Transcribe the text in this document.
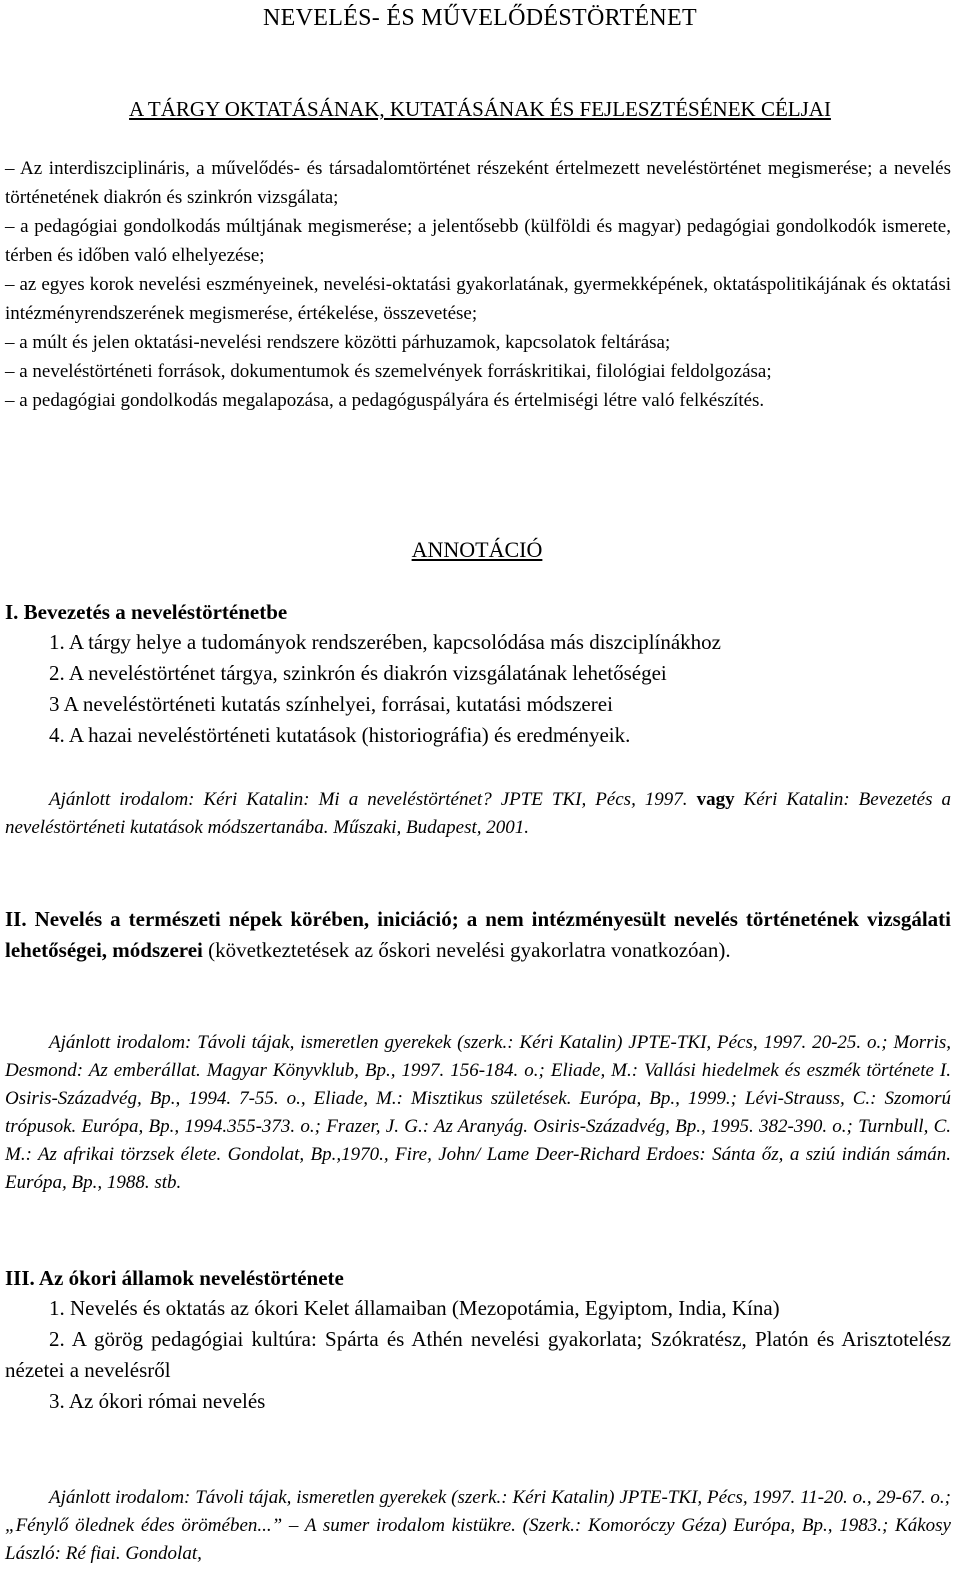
NEVELÉS- ÉS MŰVELŐDÉSTÖRTÉNET
A TÁRGY OKTATÁSÁNAK, KUTATÁSÁNAK ÉS FEJLESZTÉSÉNEK CÉLJAI

– Az interdiszciplináris, a művelődés- és társadalomtörténet részeként értelmezett neveléstörténet megismerése; a nevelés történetének diakrón és szinkrón vizsgálata;

– a pedagógiai gondolkodás múltjának megismerése; a jelentősebb (külföldi és magyar) pedagógiai gondolkodók ismerete, térben és időben való elhelyezése;

– az egyes korok nevelési eszményeinek, nevelési-oktatási gyakorlatának, gyermekképének, oktatáspolitikájának és oktatási intézményrendszerének megismerése, értékelése, összevetése;

– a múlt és jelen oktatási-nevelési rendszere közötti párhuzamok, kapcsolatok feltárása;

– a neveléstörténeti források, dokumentumok és szemelvények forráskritikai, filológiai feldolgozása;

– a pedagógiai gondolkodás megalapozása, a pedagóguspályára és értelmiségi létre való felkészítés.

ANNOTÁCIÓ

I. Bevezetés a neveléstörténetbe

1. A tárgy helye a tudományok rendszerében, kapcsolódása más diszciplínákhoz

2. A neveléstörténet tárgya, szinkrón és diakrón vizsgálatának lehetőségei

3 A neveléstörténeti kutatás színhelyei, forrásai, kutatási módszerei

4. A hazai neveléstörténeti kutatások (historiográfia) és eredményeik.

Ajánlott irodalom: Kéri Katalin: Mi a neveléstörténet? JPTE TKI, Pécs, 1997. vagy Kéri Katalin: Bevezetés a neveléstörténeti kutatások módszertanába. Műszaki, Budapest, 2001.

II. Nevelés a természeti népek körében, iniciáció; a nem intézményesült nevelés történetének vizsgálati lehetőségei, módszerei (következtetések az őskori nevelési gyakorlatra vonatkozóan).

Ajánlott irodalom: Távoli tájak, ismeretlen gyerekek (szerk.: Kéri Katalin) JPTE-TKI, Pécs, 1997. 20-25. o.; Morris, Desmond: Az emberállat. Magyar Könyvklub, Bp., 1997. 156-184. o.; Eliade, M.: Vallási hiedelmek és eszmék története I. Osiris-Századvég, Bp., 1994. 7-55. o., Eliade, M.: Misztikus születések. Európa, Bp., 1999.; Lévi-Strauss, C.: Szomorú trópusok. Európa, Bp., 1994.355-373. o.; Frazer, J. G.: Az Aranyág. Osiris-Századvég, Bp., 1995. 382-390. o.; Turnbull, C. M.: Az afrikai törzsek élete. Gondolat, Bp.,1970., Fire, John/ Lame Deer-Richard Erdoes: Sánta őz, a sziú indián sámán. Európa, Bp., 1988. stb.

III. Az ókori államok neveléstörténete

1. Nevelés és oktatás az ókori Kelet államaiban (Mezopotámia, Egyiptom, India, Kína)

2. A görög pedagógiai kultúra: Spárta és Athén nevelési gyakorlata; Szókratész, Platón és Arisztotelész nézetei a nevelésről

3. Az ókori római nevelés

Ajánlott irodalom: Távoli tájak, ismeretlen gyerekek (szerk.: Kéri Katalin) JPTE-TKI, Pécs, 1997. 11-20. o., 29-67. o.; „Fénylő ölednek édes örömében...” – A sumer irodalom kistükre. (Szerk.: Komoróczy Géza) Európa, Bp., 1983.; Kákosy László: Ré fiai. Gondolat,
